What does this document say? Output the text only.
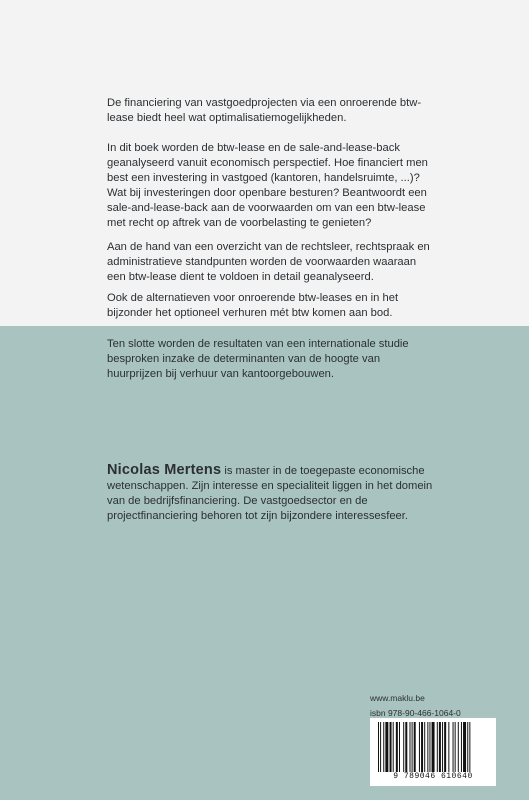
De financiering van vastgoedprojecten via een onroerende btw-lease biedt heel wat optimalisatiemogelijkheden.

In dit boek worden de btw-lease en de sale-and-lease-back geanalyseerd vanuit economisch perspectief. Hoe financiert men best een investering in vastgoed (kantoren, handelsruimte, ...)? Wat bij investeringen door openbare besturen? Beantwoordt een sale-and-lease-back aan de voorwaarden om van een btw-lease met recht op aftrek van de voorbelasting te genieten?

Aan de hand van een overzicht van de rechtsleer, rechtspraak en administratieve standpunten worden de voorwaarden waaraan een btw-lease dient te voldoen in detail geanalyseerd.

Ook de alternatieven voor onroerende btw-leases en in het bijzonder het optioneel verhuren mét btw komen aan bod.

Ten slotte worden de resultaten van een internationale studie besproken inzake de determinanten van de hoogte van huurprijzen bij verhuur van kantoorgebouwen.

Nicolas Mertens is master in de toegepaste economische wetenschappen. Zijn interesse en specialiteit liggen in het domein van de bedrijfsfinanciering. De vastgoedsector en de projectfinanciering behoren tot zijn bijzondere interessesfeer.

www.maklu.be
isbn 978-90-466-1064-0
9 789046 610640
